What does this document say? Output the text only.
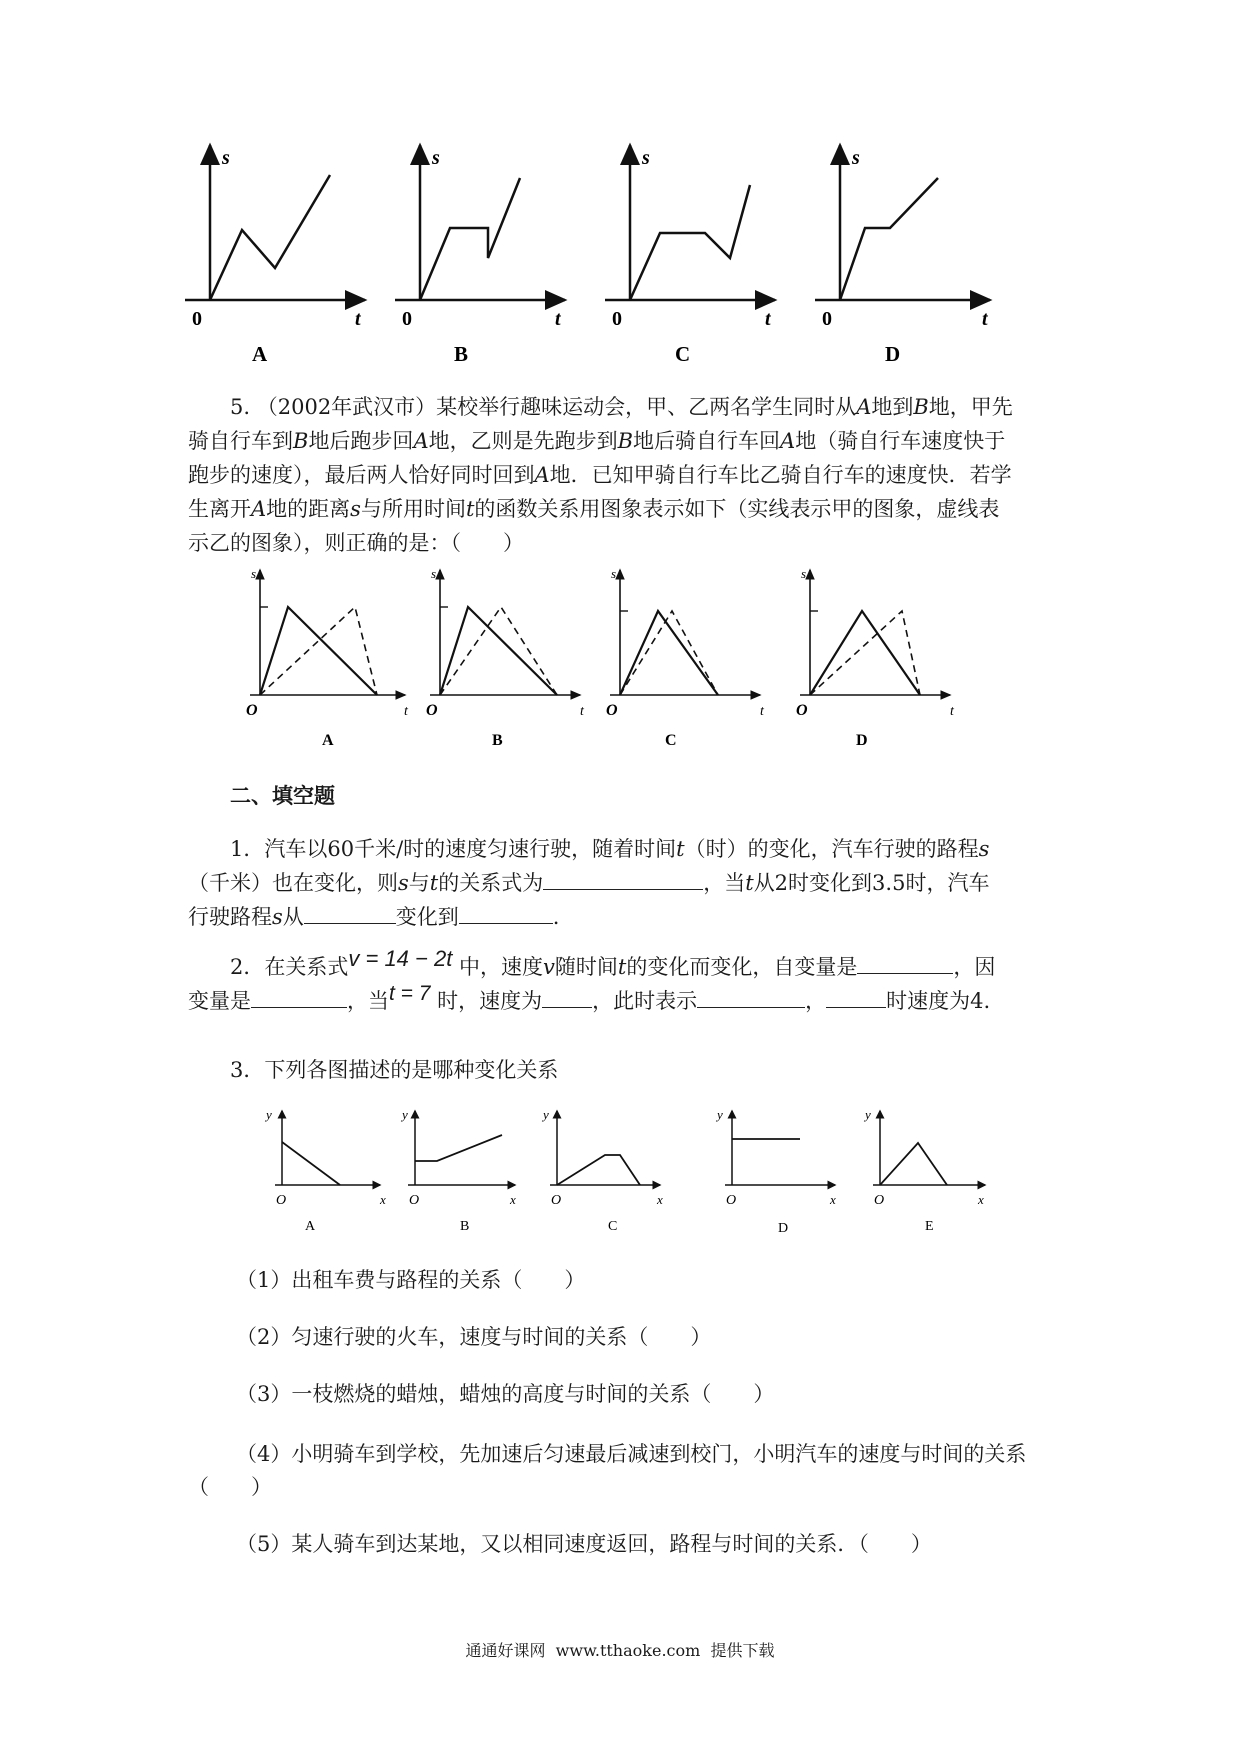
s
t
0
A
s
t
0
B
s
t
0
C
s
t
0
D
5. （2002年武汉市）某校举行趣味运动会，甲、乙两名学生同时从A地到B地，甲先
骑自行车到B地后跑步回A地，乙则是先跑步到B地后骑自行车回A地（骑自行车速度快于
跑步的速度），最后两人恰好同时回到A地．已知甲骑自行车比乙骑自行车的速度快．若学
生离开A地的距离s与所用时间t的函数关系用图象表示如下（实线表示甲的图象，虚线表
示乙的图象），则正确的是：（　　）
s
t
O
A
s
t
O
B
s
t
O
C
s
t
O
D
二、填空题
1．汽车以60千米/时的速度匀速行驶，随着时间t（时）的变化，汽车行驶的路程s
（千米）也在变化，则s与t的关系式为	，当t从2时变化到3.5时，汽车
行驶路程s从	变化到	.
2．在关系式v = 14 − 2t 中，速度v随时间t的变化而变化，自变量是	，因
变量是	，当t = 7 时，速度为 ，此时表示	，	时速度为4.
3．下列各图描述的是哪种变化关系
y
x
O
A
y
x
O
B
y
x
O
C
y
x
O
D
y
x
O
E
（1）出租车费与路程的关系（　　）
（2）匀速行驶的火车，速度与时间的关系（　　）
（3）一枝燃烧的蜡烛，蜡烛的高度与时间的关系（　　）
（4）小明骑车到学校，先加速后匀速最后减速到校门，小明汽车的速度与时间的关系
（　　）
（5）某人骑车到达某地，又以相同速度返回，路程与时间的关系．（　　）
通通好课网  www.tthaoke.com  提供下载
